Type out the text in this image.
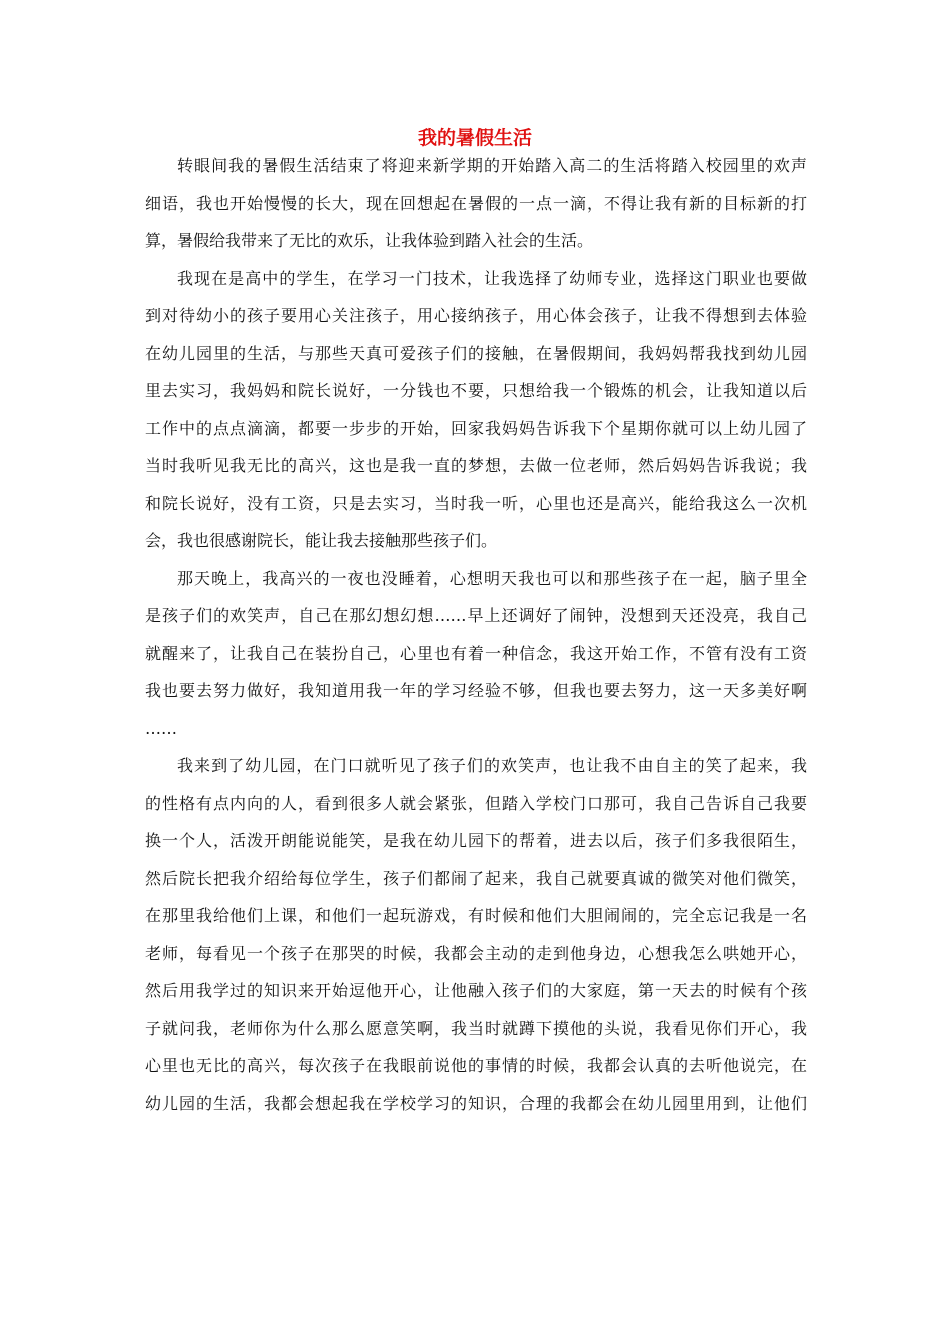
我的暑假生活
转眼间我的暑假生活结束了将迎来新学期的开始踏入高二的生活将踏入校园里的欢声
细语，我也开始慢慢的长大，现在回想起在暑假的一点一滴，不得让我有新的目标新的打
算，暑假给我带来了无比的欢乐，让我体验到踏入社会的生活。
我现在是高中的学生，在学习一门技术，让我选择了幼师专业，选择这门职业也要做
到对待幼小的孩子要用心关注孩子，用心接纳孩子，用心体会孩子，让我不得想到去体验
在幼儿园里的生活，与那些天真可爱孩子们的接触，在暑假期间，我妈妈帮我找到幼儿园
里去实习，我妈妈和院长说好，一分钱也不要，只想给我一个锻炼的机会，让我知道以后
工作中的点点滴滴，都要一步步的开始，回家我妈妈告诉我下个星期你就可以上幼儿园了
当时我听见我无比的高兴，这也是我一直的梦想，去做一位老师，然后妈妈告诉我说；我
和院长说好，没有工资，只是去实习，当时我一听，心里也还是高兴，能给我这么一次机
会，我也很感谢院长，能让我去接触那些孩子们。
那天晚上，我高兴的一夜也没睡着，心想明天我也可以和那些孩子在一起，脑子里全
是孩子们的欢笑声，自己在那幻想幻想……早上还调好了闹钟，没想到天还没亮，我自己
就醒来了，让我自己在装扮自己，心里也有着一种信念，我这开始工作，不管有没有工资
我也要去努力做好，我知道用我一年的学习经验不够，但我也要去努力，这一天多美好啊
……
我来到了幼儿园，在门口就听见了孩子们的欢笑声，也让我不由自主的笑了起来，我
的性格有点内向的人，看到很多人就会紧张，但踏入学校门口那可，我自己告诉自己我要
换一个人，活泼开朗能说能笑，是我在幼儿园下的帮着，进去以后，孩子们多我很陌生，
然后院长把我介绍给每位学生，孩子们都闹了起来，我自己就要真诚的微笑对他们微笑，
在那里我给他们上课，和他们一起玩游戏，有时候和他们大胆闹闹的，完全忘记我是一名
老师，每看见一个孩子在那哭的时候，我都会主动的走到他身边，心想我怎么哄她开心，
然后用我学过的知识来开始逗他开心，让他融入孩子们的大家庭，第一天去的时候有个孩
子就问我，老师你为什么那么愿意笑啊，我当时就蹲下摸他的头说，我看见你们开心，我
心里也无比的高兴，每次孩子在我眼前说他的事情的时候，我都会认真的去听他说完，在
幼儿园的生活，我都会想起我在学校学习的知识，合理的我都会在幼儿园里用到，让他们
